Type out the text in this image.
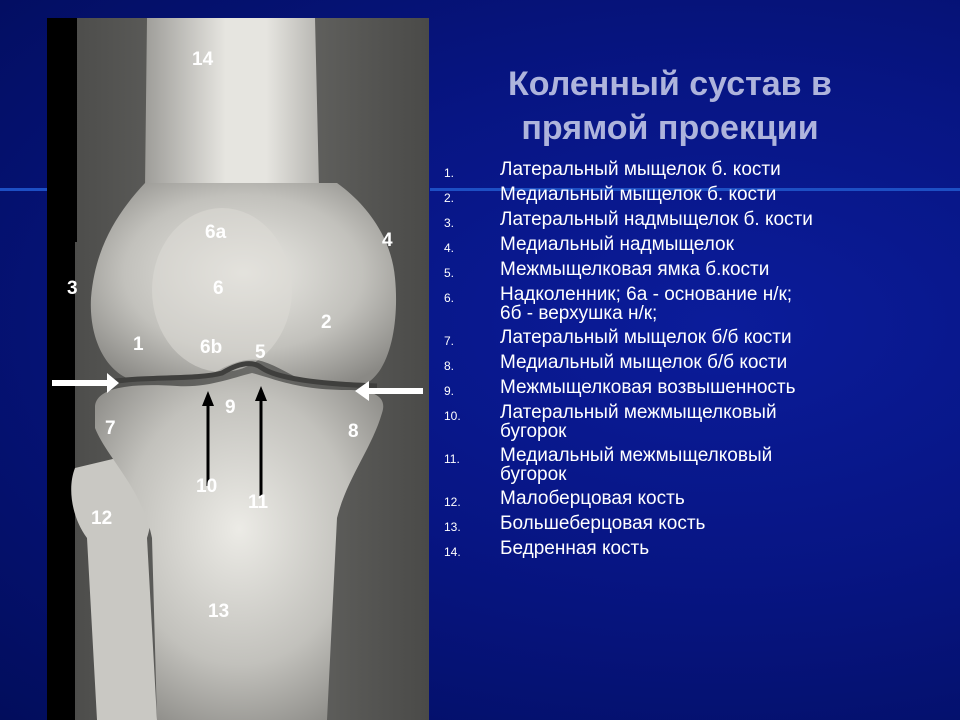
14
6a	4
3	6
2
1	6b 5
9
7	8
10
11
12
13
Коленный сустав в
прямой проекции
1.	Латеральный мыщелок б. кости
2.	Медиальный мыщелок б. кости
3.	Латеральный надмыщелок б. кости
4.	Медиальный надмыщелок
5.	Межмыщелковая ямка б.кости
6.	Надколенник; 6а - основание н/к;
6б - верхушка н/к;
7.	Латеральный мыщелок б/б кости
8.	Медиальный мыщелок б/б кости
9.	Межмыщелковая возвышенность
10.	Латеральный межмыщелковый
бугорок
11.	Медиальный межмыщелковый
бугорок
12.	Малоберцовая кость
13.	Большеберцовая кость
14.	Бедренная кость
